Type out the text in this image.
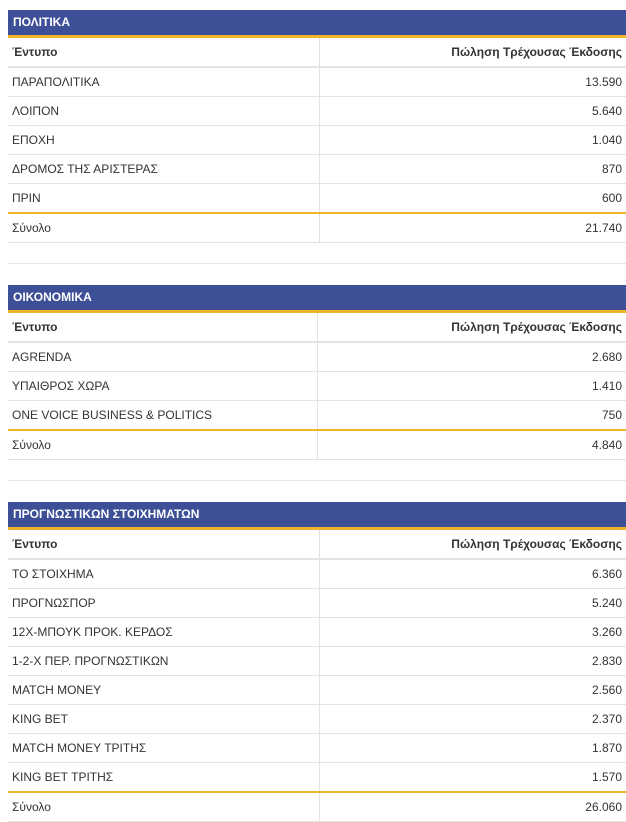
ΠΟΛΙΤΙΚΑ
Έντυπο	Πώληση Τρέχουσας Έκδοσης
ΠΑΡΑΠΟΛΙΤΙΚΑ	13.590
ΛΟΙΠΟΝ	5.640
ΕΠΟΧΗ	1.040
ΔΡΟΜΟΣ ΤΗΣ ΑΡΙΣΤΕΡΑΣ	870
ΠΡΙΝ	600
Σύνολο	21.740
ΟΙΚΟΝΟΜΙΚΑ
Έντυπο	Πώληση Τρέχουσας Έκδοσης
AGRENDA	2.680
ΥΠΑΙΘΡΟΣ ΧΩΡΑ	1.410
ONE VOICE BUSINESS & POLITICS	750
Σύνολο	4.840
ΠΡΟΓΝΩΣΤΙΚΩΝ ΣΤΟΙΧΗΜΑΤΩΝ
Έντυπο	Πώληση Τρέχουσας Έκδοσης
ΤΟ ΣΤΟΙΧΗΜΑ	6.360
ΠΡΟΓΝΩΣΠΟΡ	5.240
12Χ-ΜΠΟΥΚ ΠΡΟΚ. ΚΕΡΔΟΣ	3.260
1-2-Χ ΠΕΡ. ΠΡΟΓΝΩΣΤΙΚΩΝ	2.830
MATCH MONEY	2.560
KING BET	2.370
MATCH MONEY ΤΡΙΤΗΣ	1.870
KING BET ΤΡΙΤΗΣ	1.570
Σύνολο	26.060
